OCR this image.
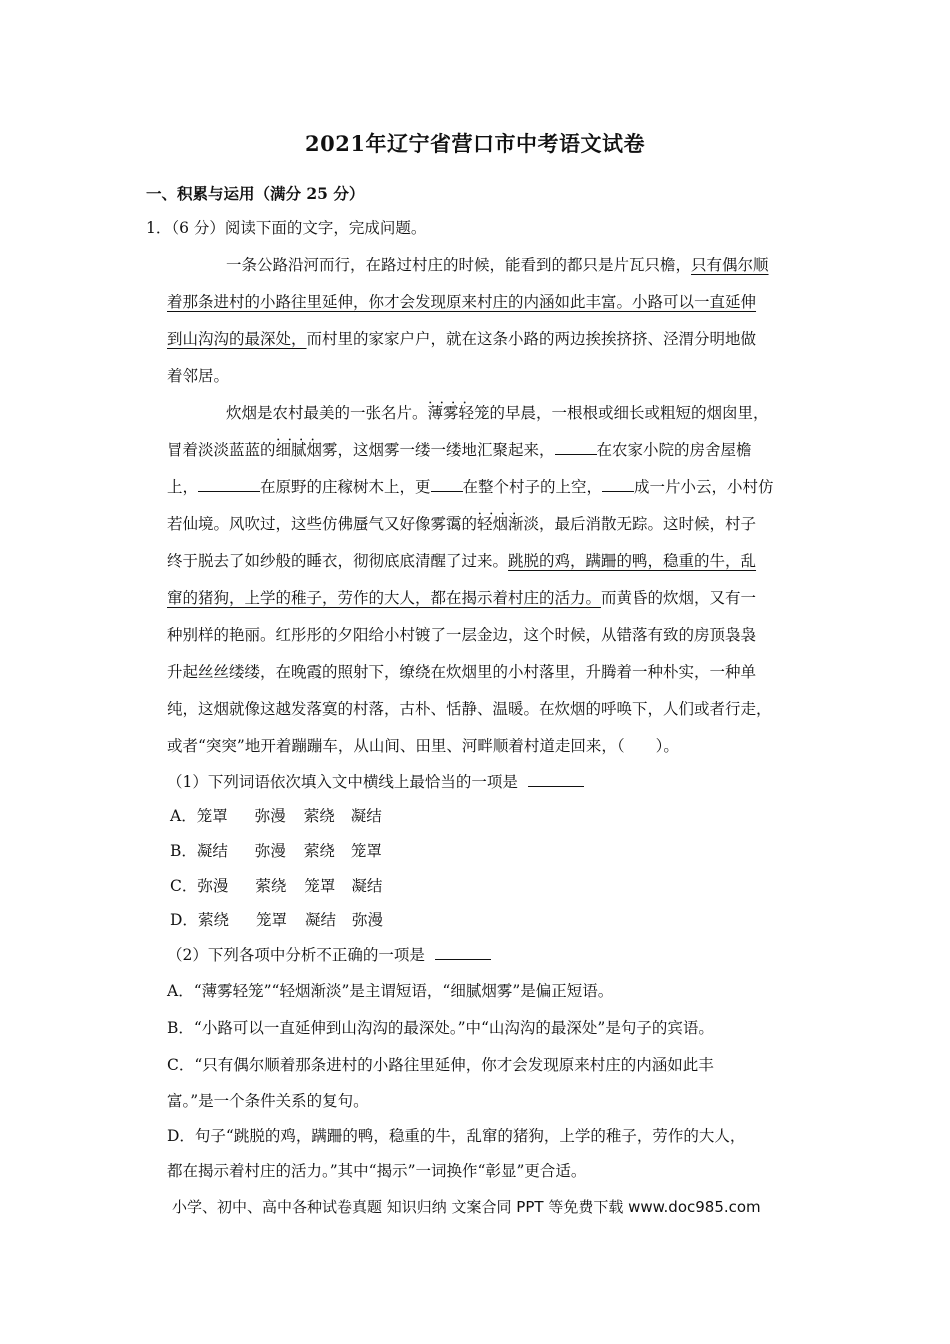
2021年辽宁省营口市中考语文试卷
一、积累与运用（满分 25 分）
1．（6 分）阅读下面的文字，完成问题。
一条公路沿河而行，在路过村庄的时候，能看到的都只是片瓦只檐，只有偶尔顺
着那条进村的小路往里延伸，你才会发现原来村庄的内涵如此丰富。小路可以一直延伸
到山沟沟的最深处，而村里的家家户户，就在这条小路的两边挨挨挤挤、泾渭分明地做
着邻居。
炊烟是农村最美的一张名片。• • • • 薄雾轻笼的早晨，一根根或细长或粗短的烟囱里，
冒着淡淡蓝蓝的• • • • 细腻烟雾，这烟雾一缕一缕地汇聚起来，	在农家小院的房舍屋檐
上，	在原野的庄稼树木上，更 在整个村子的上空， 成一片小云，小村仿
若仙境。风吹过，这些仿佛蜃气又好像雾霭的• • • • 轻烟渐淡，最后消散无踪。这时候，村子
终于脱去了如纱般的睡衣，彻彻底底清醒了过来。跳脱的鸡，蹒跚的鸭，稳重的牛，乱
窜的猪狗，上学的稚子，劳作的大人，都在揭示着村庄的活力。而黄昏的炊烟，又有一
种别样的艳丽。红彤彤的夕阳给小村镀了一层金边，这个时候，从错落有致的房顶袅袅
升起丝丝缕缕，在晚霞的照射下，缭绕在炊烟里的小村落里，升腾着一种朴实，一种单
纯，这烟就像这越发落寞的村落，古朴、恬静、温暖。在炊烟的呼唤下，人们或者行走，
或者“突突”地开着蹦蹦车，从山间、田里、河畔顺着村道走回来，（　　）。
（1）下列词语依次填入文中横线上最恰当的一项是
A．笼罩 弥漫 萦绕 凝结
B．凝结 弥漫 萦绕 笼罩
C．弥漫 萦绕 笼罩 凝结
D．萦绕 笼罩 凝结 弥漫
（2）下列各项中分析不正确的一项是
A．“薄雾轻笼”“轻烟渐淡”是主谓短语，“细腻烟雾”是偏正短语。
B．“小路可以一直延伸到山沟沟的最深处。”中“山沟沟的最深处”是句子的宾语。
C．“只有偶尔顺着那条进村的小路往里延伸，你才会发现原来村庄的内涵如此丰
富。”是一个条件关系的复句。
D．句子“跳脱的鸡，蹒跚的鸭，稳重的牛，乱窜的猪狗，上学的稚子，劳作的大人，
都在揭示着村庄的活力。”其中“揭示”一词换作“彰显”更合适。
小学、初中、高中各种试卷真题 知识归纳 文案合同 PPT 等免费下载 www.doc985.com
